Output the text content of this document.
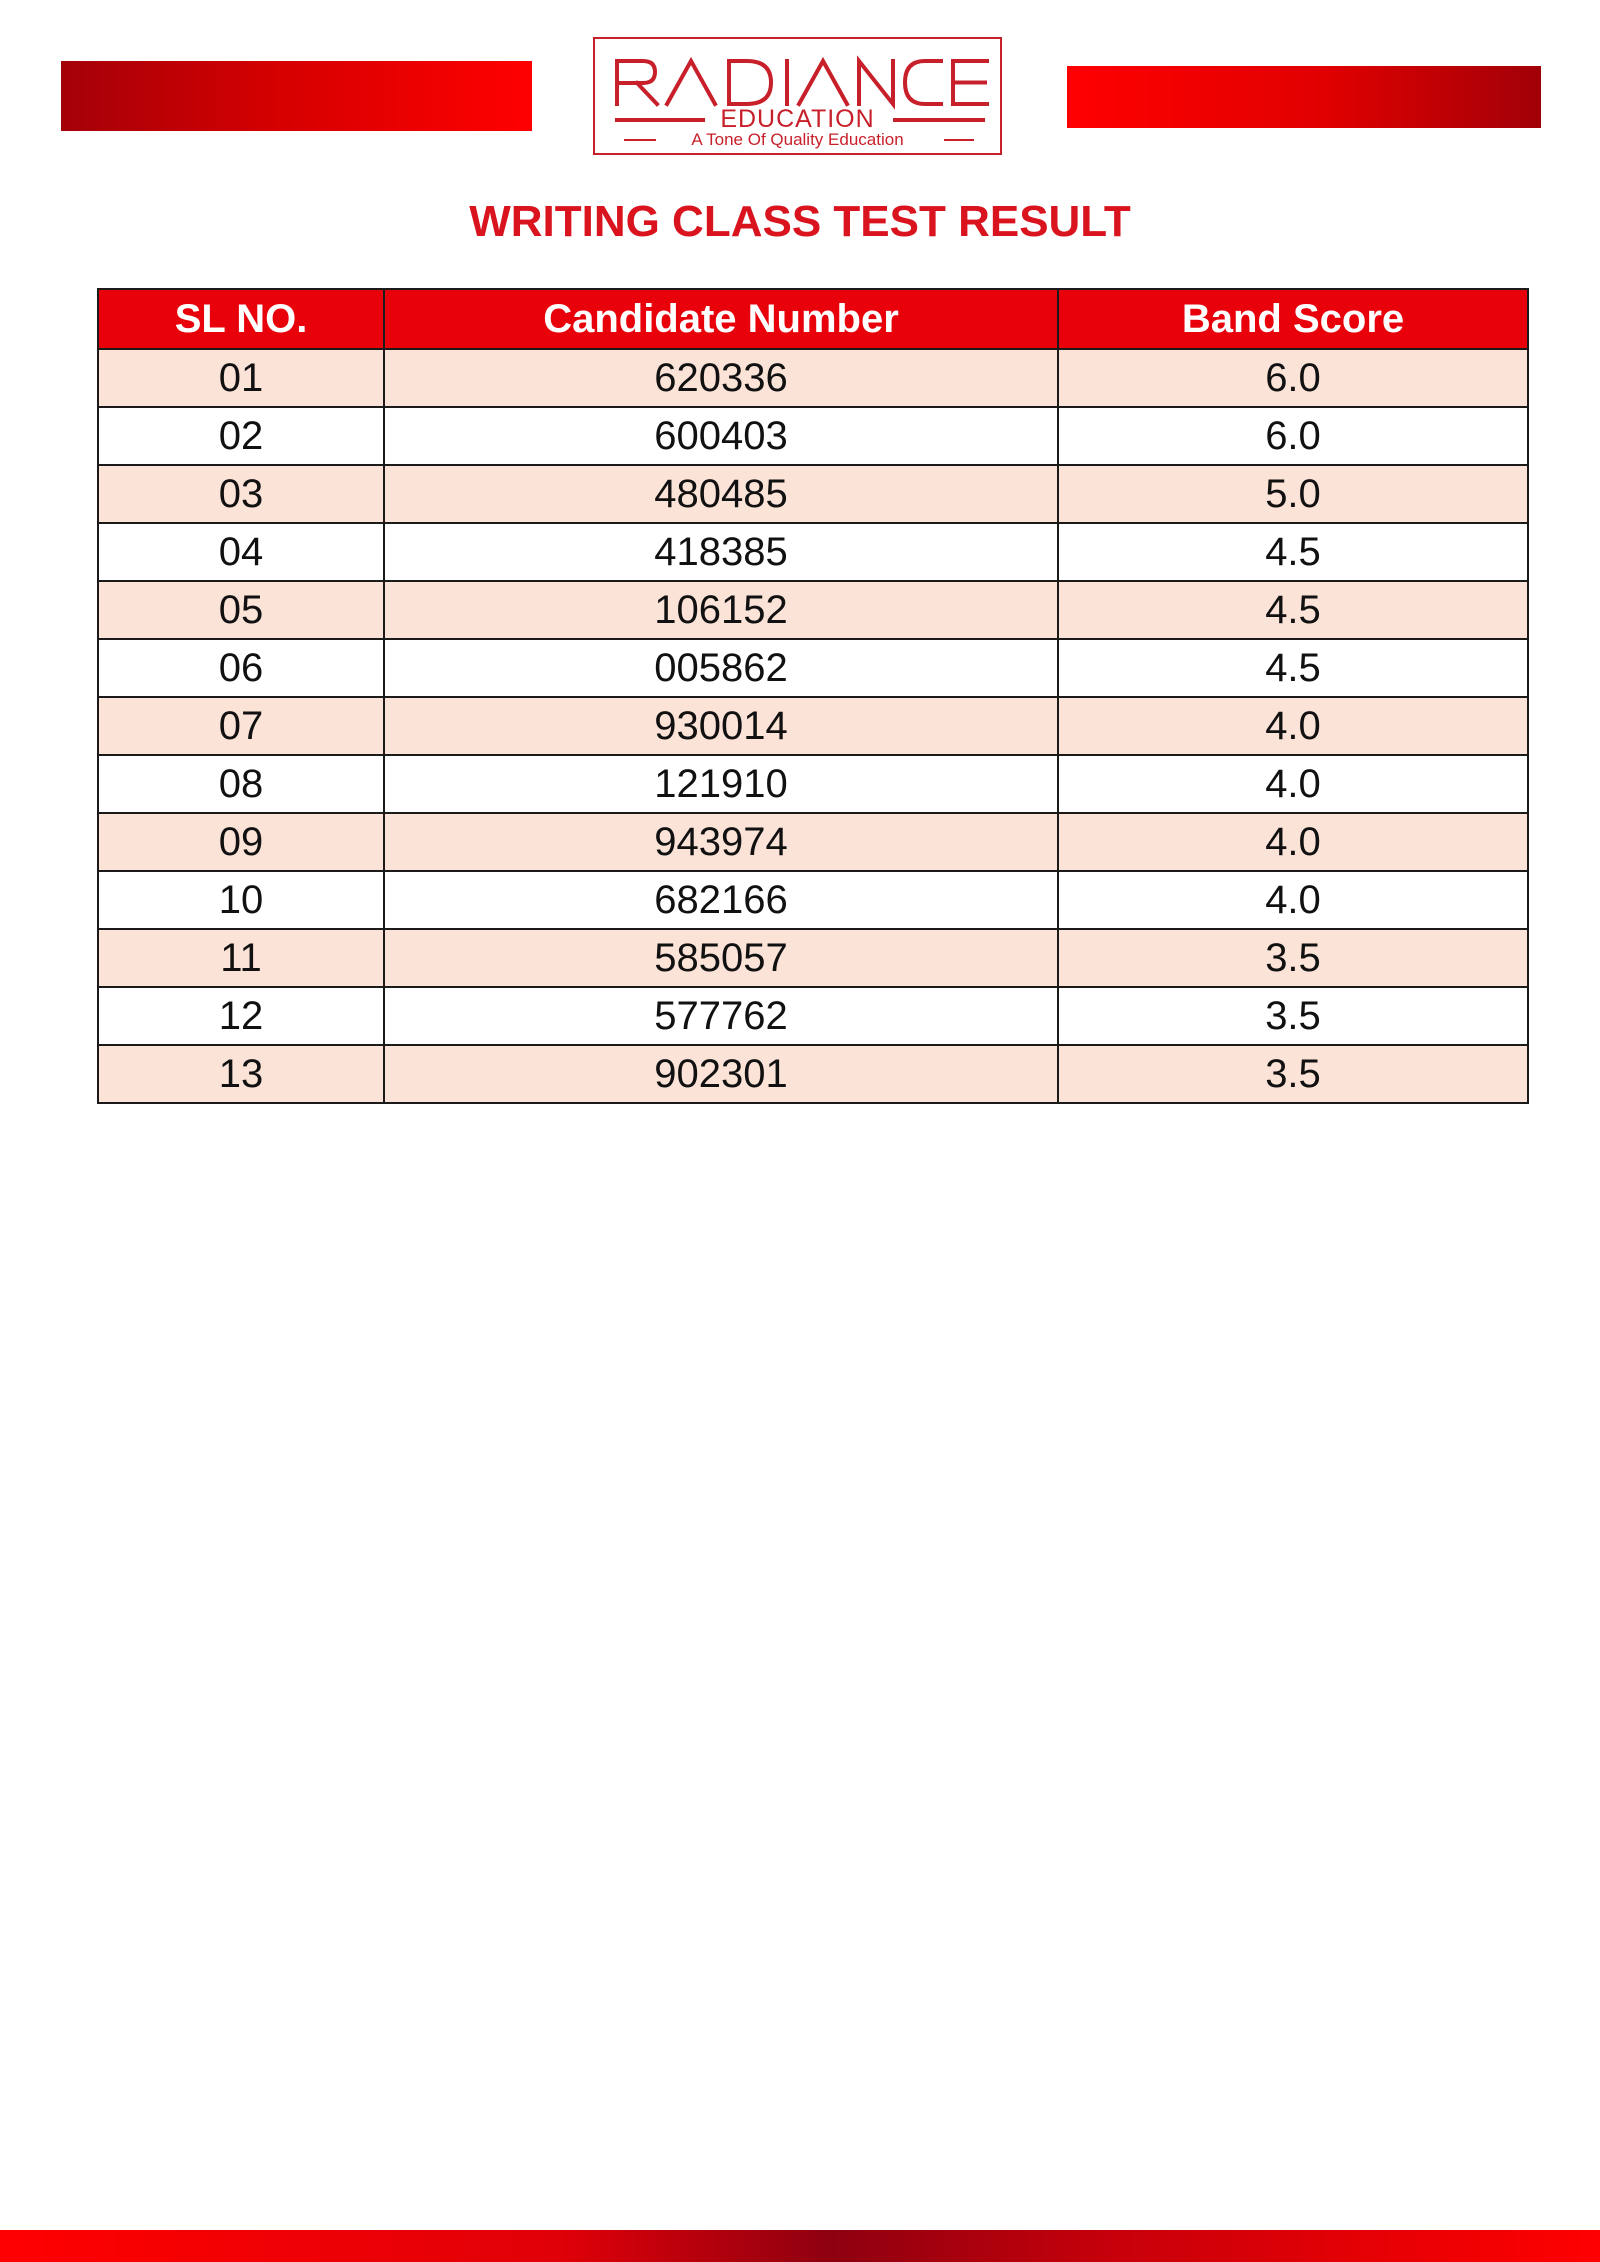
EDUCATION
A Tone Of Quality Education
WRITING CLASS TEST RESULT
SL NO.	Candidate Number	Band Score
01	620336	6.0
02	600403	6.0
03	480485	5.0
04	418385	4.5
05	106152	4.5
06	005862	4.5
07	930014	4.0
08	121910	4.0
09	943974	4.0
10	682166	4.0
11	585057	3.5
12	577762	3.5
13	902301	3.5
